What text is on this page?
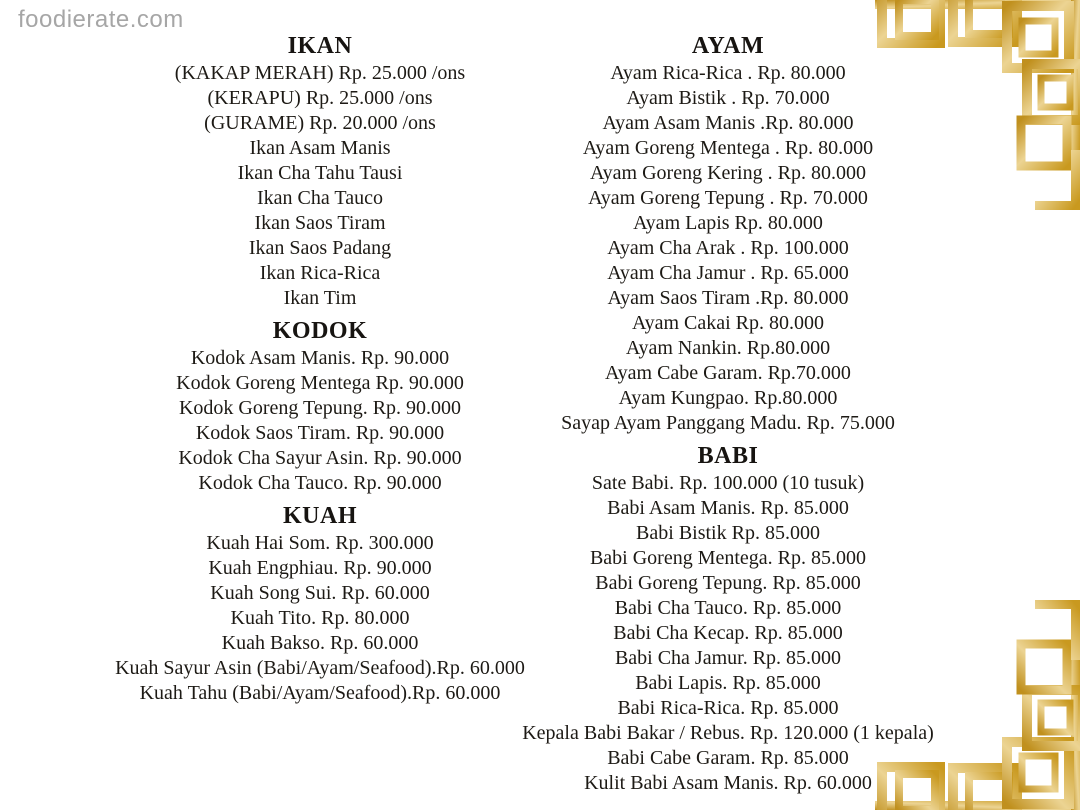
foodierate.com
IKAN
(KAKAP MERAH) Rp. 25.000 /ons
(KERAPU) Rp. 25.000 /ons
(GURAME) Rp. 20.000 /ons
Ikan Asam Manis
Ikan Cha Tahu Tausi
Ikan Cha Tauco
Ikan Saos Tiram
Ikan Saos Padang
Ikan Rica-Rica
Ikan Tim
KODOK
Kodok Asam Manis. Rp. 90.000
Kodok Goreng Mentega Rp. 90.000
Kodok Goreng Tepung. Rp. 90.000
Kodok Saos Tiram. Rp. 90.000
Kodok Cha Sayur Asin. Rp. 90.000
Kodok Cha Tauco. Rp. 90.000
KUAH
Kuah Hai Som. Rp. 300.000
Kuah Engphiau. Rp. 90.000
Kuah Song Sui. Rp. 60.000
Kuah Tito. Rp. 80.000
Kuah Bakso. Rp. 60.000
Kuah Sayur Asin (Babi/Ayam/Seafood).Rp. 60.000
Kuah Tahu (Babi/Ayam/Seafood).Rp. 60.000
AYAM
Ayam Rica-Rica . Rp. 80.000
Ayam Bistik . Rp. 70.000
Ayam Asam Manis .Rp. 80.000
Ayam Goreng Mentega . Rp. 80.000
Ayam Goreng Kering . Rp. 80.000
Ayam Goreng Tepung . Rp. 70.000
Ayam Lapis Rp. 80.000
Ayam Cha Arak . Rp. 100.000
Ayam Cha Jamur . Rp. 65.000
Ayam Saos Tiram .Rp. 80.000
Ayam Cakai Rp. 80.000
Ayam Nankin. Rp.80.000
Ayam Cabe Garam. Rp.70.000
Ayam Kungpao. Rp.80.000
Sayap Ayam Panggang Madu. Rp. 75.000
BABI
Sate Babi. Rp. 100.000 (10 tusuk)
Babi Asam Manis. Rp. 85.000
Babi Bistik Rp. 85.000
Babi Goreng Mentega. Rp. 85.000
Babi Goreng Tepung. Rp. 85.000
Babi Cha Tauco. Rp. 85.000
Babi Cha Kecap. Rp. 85.000
Babi Cha Jamur. Rp. 85.000
Babi Lapis. Rp. 85.000
Babi Rica-Rica. Rp. 85.000
Kepala Babi Bakar / Rebus. Rp. 120.000 (1 kepala)
Babi Cabe Garam. Rp. 85.000
Kulit Babi Asam Manis. Rp. 60.000
